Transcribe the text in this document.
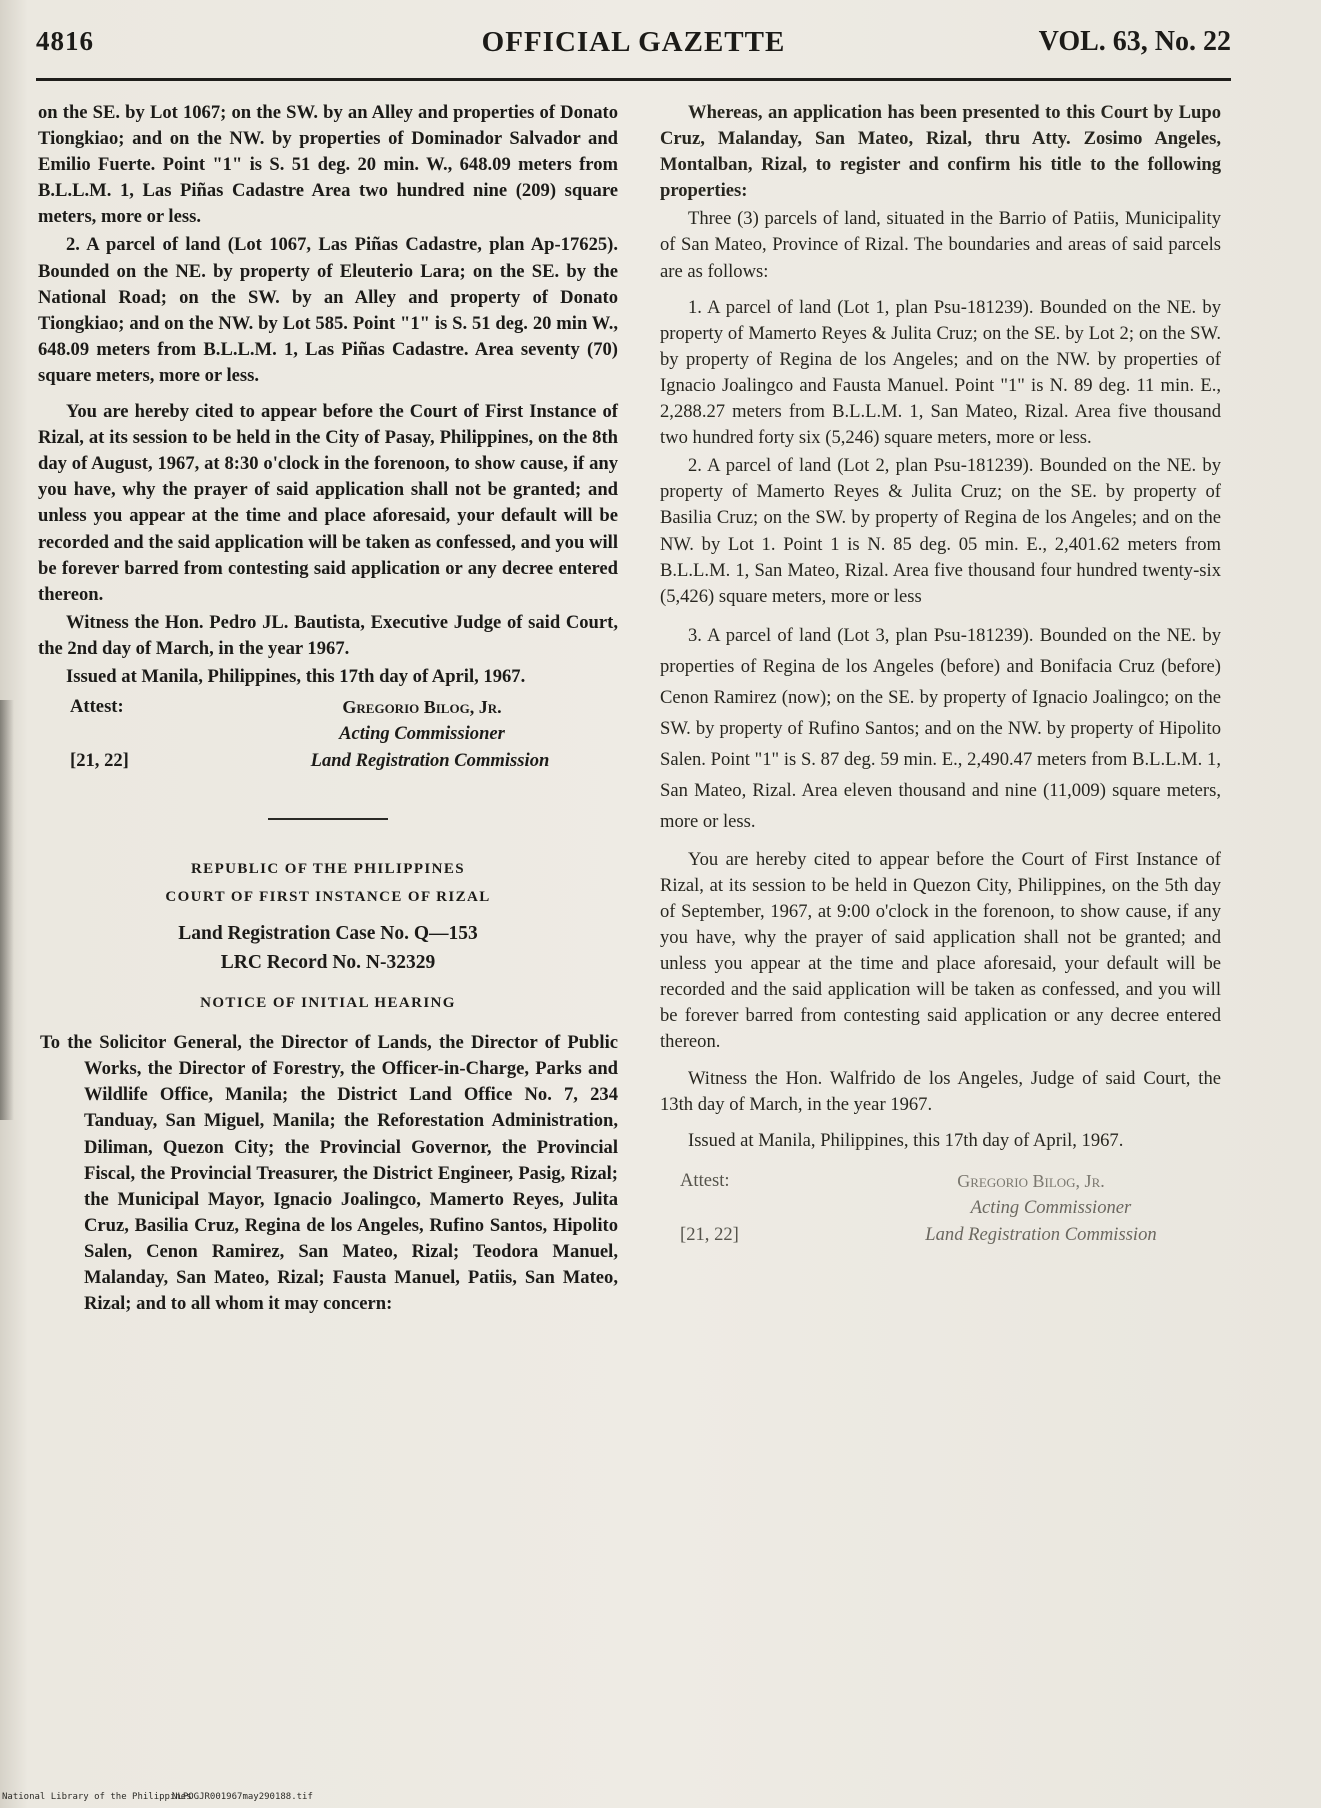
4816	OFFICIAL GAZETTE	VOL. 63, No. 22

on the SE. by Lot 1067; on the SW. by an Alley and properties of Donato Tiongkiao; and on the NW. by properties of Dominador Salvador and Emilio Fuerte. Point "1" is S. 51 deg. 20 min. W., 648.09 meters from B.L.L.M. 1, Las Piñas Cadastre Area two hundred nine (209) square meters, more or less.

2. A parcel of land (Lot 1067, Las Piñas Cadastre, plan Ap-17625). Bounded on the NE. by property of Eleuterio Lara; on the SE. by the National Road; on the SW. by an Alley and property of Donato Tiongkiao; and on the NW. by Lot 585. Point "1" is S. 51 deg. 20 min W., 648.09 meters from B.L.L.M. 1, Las Piñas Cadastre. Area seventy (70) square meters, more or less.

You are hereby cited to appear before the Court of First Instance of Rizal, at its session to be held in the City of Pasay, Philippines, on the 8th day of August, 1967, at 8:30 o'clock in the forenoon, to show cause, if any you have, why the prayer of said application shall not be granted; and unless you appear at the time and place aforesaid, your default will be recorded and the said application will be taken as confessed, and you will be forever barred from contesting said application or any decree entered thereon.

Witness the Hon. Pedro JL. Bautista, Executive Judge of said Court, the 2nd day of March, in the year 1967.

Issued at Manila, Philippines, this 17th day of April, 1967.

Attest:	Gregorio Bilog, Jr.
Acting Commissioner
Land Registration Commission
[21, 22]

REPUBLIC OF THE PHILIPPINES

COURT OF FIRST INSTANCE OF RIZAL

Land Registration Case No. Q—153

LRC Record No. N-32329

NOTICE OF INITIAL HEARING

To the Solicitor General, the Director of Lands, the Director of Public Works, the Director of Forestry, the Officer-in-Charge, Parks and Wildlife Office, Manila; the District Land Office No. 7, 234 Tanduay, San Miguel, Manila; the Reforestation Administration, Diliman, Quezon City; the Provincial Governor, the Provincial Fiscal, the Provincial Treasurer, the District Engineer, Pasig, Rizal; the Municipal Mayor, Ignacio Joalingco, Mamerto Reyes, Julita Cruz, Basilia Cruz, Regina de los Angeles, Rufino Santos, Hipolito Salen, Cenon Ramirez, San Mateo, Rizal; Teodora Manuel, Malanday, San Mateo, Rizal; Fausta Manuel, Patiis, San Mateo, Rizal; and to all whom it may concern:

Whereas, an application has been presented to this Court by Lupo Cruz, Malanday, San Mateo, Rizal, thru Atty. Zosimo Angeles, Montalban, Rizal, to register and confirm his title to the following properties:

Three (3) parcels of land, situated in the Barrio of Patiis, Municipality of San Mateo, Province of Rizal. The boundaries and areas of said parcels are as follows:

1. A parcel of land (Lot 1, plan Psu-181239). Bounded on the NE. by property of Mamerto Reyes & Julita Cruz; on the SE. by Lot 2; on the SW. by property of Regina de los Angeles; and on the NW. by properties of Ignacio Joalingco and Fausta Manuel. Point "1" is N. 89 deg. 11 min. E., 2,288.27 meters from B.L.L.M. 1, San Mateo, Rizal. Area five thousand two hundred forty six (5,246) square meters, more or less.

2. A parcel of land (Lot 2, plan Psu-181239). Bounded on the NE. by property of Mamerto Reyes & Julita Cruz; on the SE. by property of Basilia Cruz; on the SW. by property of Regina de los Angeles; and on the NW. by Lot 1. Point 1 is N. 85 deg. 05 min. E., 2,401.62 meters from B.L.L.M. 1, San Mateo, Rizal. Area five thousand four hundred twenty-six (5,426) square meters, more or less

3. A parcel of land (Lot 3, plan Psu-181239). Bounded on the NE. by properties of Regina de los Angeles (before) and Bonifacia Cruz (before) Cenon Ramirez (now); on the SE. by property of Ignacio Joalingco; on the SW. by property of Rufino Santos; and on the NW. by property of Hipolito Salen. Point "1" is S. 87 deg. 59 min. E., 2,490.47 meters from B.L.L.M. 1, San Mateo, Rizal. Area eleven thousand and nine (11,009) square meters, more or less.

You are hereby cited to appear before the Court of First Instance of Rizal, at its session to be held in Quezon City, Philippines, on the 5th day of September, 1967, at 9:00 o'clock in the forenoon, to show cause, if any you have, why the prayer of said application shall not be granted; and unless you appear at the time and place aforesaid, your default will be recorded and the said application will be taken as confessed, and you will be forever barred from contesting said application or any decree entered thereon.

Witness the Hon. Walfrido de los Angeles, Judge of said Court, the 13th day of March, in the year 1967.

Issued at Manila, Philippines, this 17th day of April, 1967.

Attest:	Gregorio Bilog, Jr.
Acting Commissioner
Land Registration Commission
[21, 22]
National Library of the Philippines
NLPOGJR001967may290188.tif
